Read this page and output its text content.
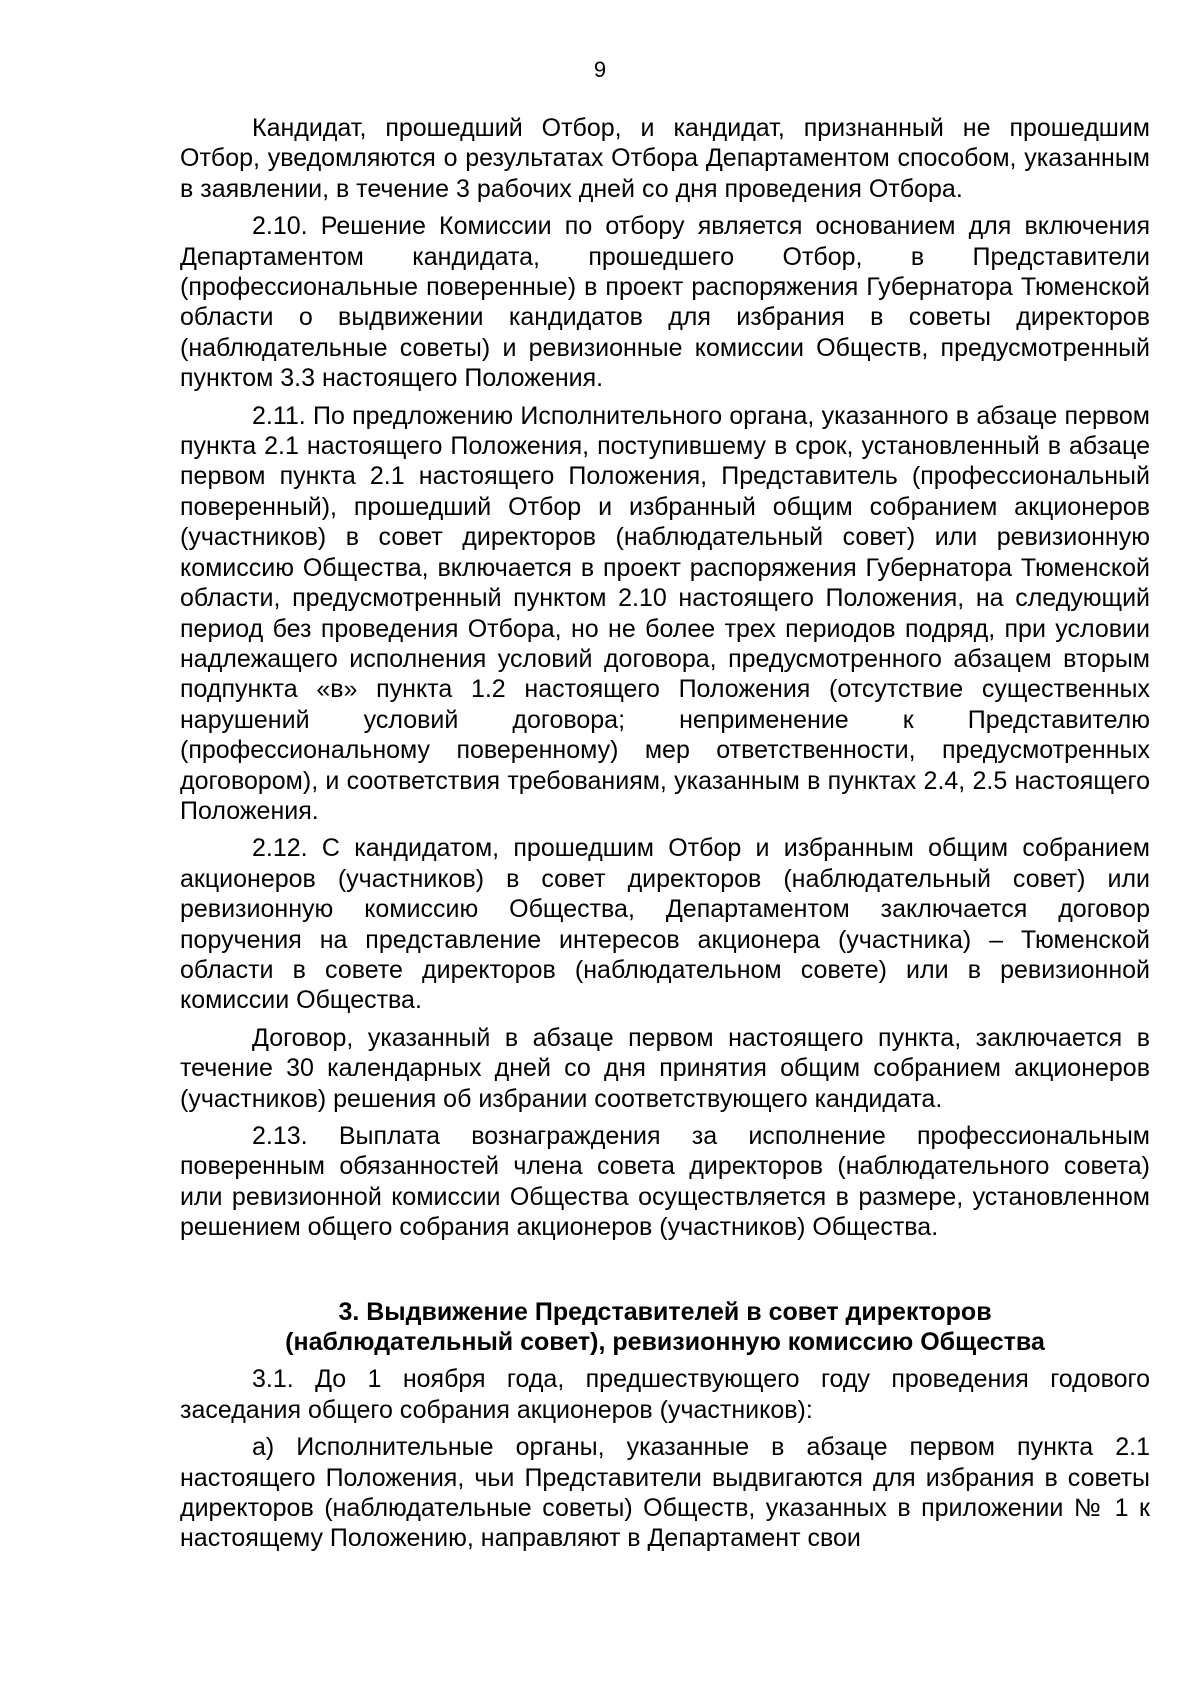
9

Кандидат, прошедший Отбор, и кандидат, признанный не прошедшим Отбор, уведомляются о результатах Отбора Департаментом способом, указанным в заявлении, в течение 3 рабочих дней со дня проведения Отбора.

2.10. Решение Комиссии по отбору является основанием для включения Департаментом кандидата, прошедшего Отбор, в Представители (профессиональные поверенные) в проект распоряжения Губернатора Тюменской области о выдвижении кандидатов для избрания в советы директоров (наблюдательные советы) и ревизионные комиссии Обществ, предусмотренный пунктом 3.3 настоящего Положения.

2.11. По предложению Исполнительного органа, указанного в абзаце первом пункта 2.1 настоящего Положения, поступившему в срок, установленный в абзаце первом пункта 2.1 настоящего Положения, Представитель (профессиональный поверенный), прошедший Отбор и избранный общим собранием акционеров (участников) в совет директоров (наблюдательный совет) или ревизионную комиссию Общества, включается в проект распоряжения Губернатора Тюменской области, предусмотренный пунктом 2.10 настоящего Положения, на следующий период без проведения Отбора, но не более трех периодов подряд, при условии надлежащего исполнения условий договора, предусмотренного абзацем вторым подпункта «в» пункта 1.2 настоящего Положения (отсутствие существенных нарушений условий договора; неприменение к Представителю (профессиональному поверенному) мер ответственности, предусмотренных договором), и соответствия требованиям, указанным в пунктах 2.4, 2.5 настоящего Положения.

2.12. С кандидатом, прошедшим Отбор и избранным общим собранием акционеров (участников) в совет директоров (наблюдательный совет) или ревизионную комиссию Общества, Департаментом заключается договор поручения на представление интересов акционера (участника) – Тюменской области в совете директоров (наблюдательном совете) или в ревизионной комиссии Общества.

Договор, указанный в абзаце первом настоящего пункта, заключается в течение 30 календарных дней со дня принятия общим собранием акционеров (участников) решения об избрании соответствующего кандидата.

2.13. Выплата вознаграждения за исполнение профессиональным поверенным обязанностей члена совета директоров (наблюдательного совета) или ревизионной комиссии Общества осуществляется в размере, установленном решением общего собрания акционеров (участников) Общества.

3. Выдвижение Представителей в совет директоров
(наблюдательный совет), ревизионную комиссию Общества

3.1. До 1 ноября года, предшествующего году проведения годового заседания общего собрания акционеров (участников):

а) Исполнительные органы, указанные в абзаце первом пункта 2.1 настоящего Положения, чьи Представители выдвигаются для избрания в советы директоров (наблюдательные советы) Обществ, указанных в приложении № 1 к настоящему Положению, направляют в Департамент свои
